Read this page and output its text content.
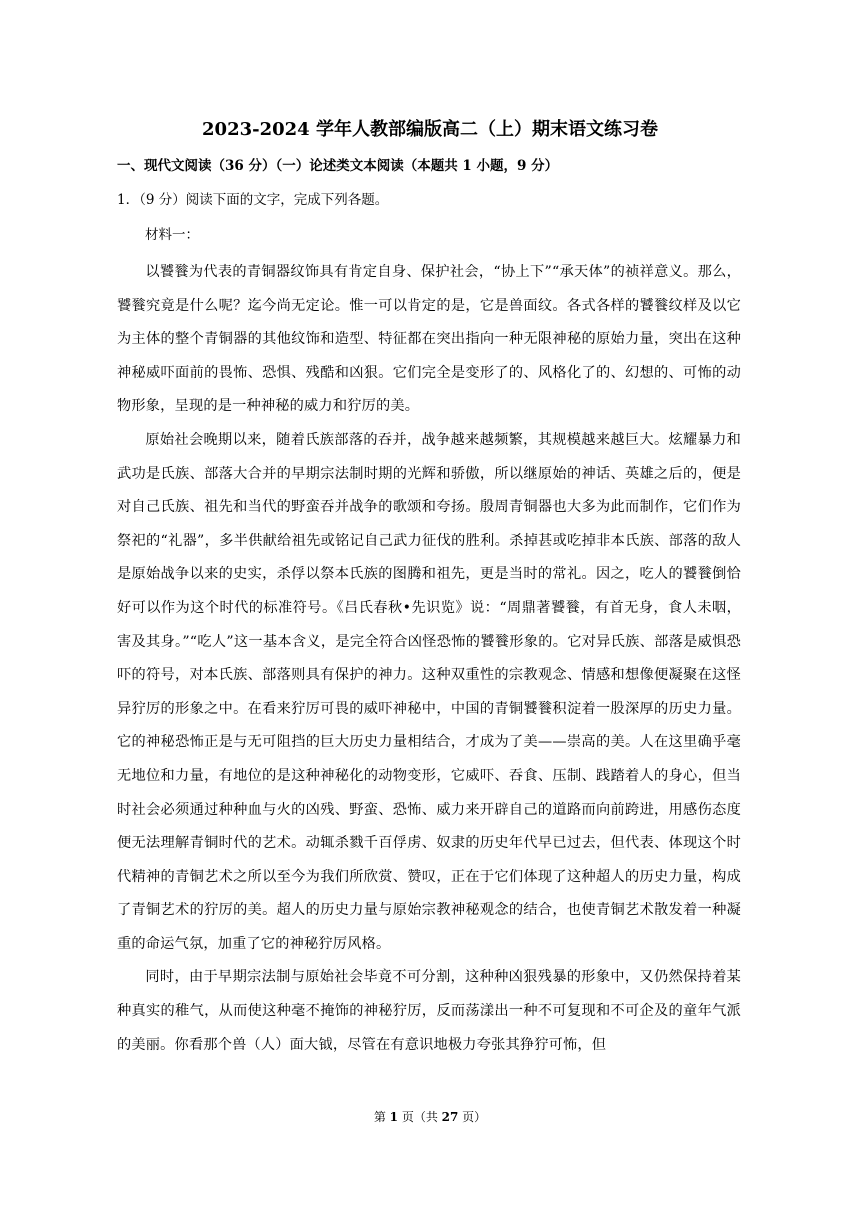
2023-2024 学年人教部编版高二（上）期末语文练习卷
一、现代文阅读（36 分）（一）论述类文本阅读（本题共 1 小题，9 分）
1．（9 分）阅读下面的文字，完成下列各题。
材料一：

以饕餮为代表的青铜器纹饰具有肯定自身、保护社会，“协上下”“承天体”的祯祥意义。那么，饕餮究竟是什么呢？迄今尚无定论。惟一可以肯定的是，它是兽面纹。各式各样的饕餮纹样及以它为主体的整个青铜器的其他纹饰和造型、特征都在突出指向一种无限神秘的原始力量，突出在这种神秘威吓面前的畏怖、恐惧、残酷和凶狠。它们完全是变形了的、风格化了的、幻想的、可怖的动物形象，呈现的是一种神秘的威力和狞厉的美。

原始社会晚期以来，随着氏族部落的吞并，战争越来越频繁，其规模越来越巨大。炫耀暴力和武功是氏族、部落大合并的早期宗法制时期的光辉和骄傲，所以继原始的神话、英雄之后的，便是对自己氏族、祖先和当代的野蛮吞并战争的歌颂和夸扬。殷周青铜器也大多为此而制作，它们作为祭祀的“礼器”，多半供献给祖先或铭记自己武力征伐的胜利。杀掉甚或吃掉非本氏族、部落的敌人是原始战争以来的史实，杀俘以祭本氏族的图腾和祖先，更是当时的常礼。因之，吃人的饕餮倒恰好可以作为这个时代的标准符号。《吕氏春秋•先识览》说：“周鼎著饕餮，有首无身，食人未咽，害及其身。”“吃人”这一基本含义，是完全符合凶怪恐怖的饕餮形象的。它对异氏族、部落是威惧恐吓的符号，对本氏族、部落则具有保护的神力。这种双重性的宗教观念、情感和想像便凝聚在这怪异狞厉的形象之中。在看来狞厉可畏的威吓神秘中，中国的青铜饕餮积淀着一股深厚的历史力量。它的神秘恐怖正是与无可阻挡的巨大历史力量相结合，才成为了美——崇高的美。人在这里确乎毫无地位和力量，有地位的是这种神秘化的动物变形，它威吓、吞食、压制、践踏着人的身心，但当时社会必须通过种种血与火的凶残、野蛮、恐怖、威力来开辟自己的道路而向前跨进，用感伤态度便无法理解青铜时代的艺术。动辄杀戮千百俘虏、奴隶的历史年代早已过去，但代表、体现这个时代精神的青铜艺术之所以至今为我们所欣赏、赞叹，正在于它们体现了这种超人的历史力量，构成了青铜艺术的狞厉的美。超人的历史力量与原始宗教神秘观念的结合，也使青铜艺术散发着一种凝重的命运气氛，加重了它的神秘狞厉风格。

同时，由于早期宗法制与原始社会毕竟不可分割，这种种凶狠残暴的形象中，又仍然保持着某种真实的稚气，从而使这种毫不掩饰的神秘狞厉，反而荡漾出一种不可复现和不可企及的童年气派的美丽。你看那个兽（人）面大钺，尽管在有意识地极力夸张其狰狞可怖，但

第 1 页（共 27 页）
